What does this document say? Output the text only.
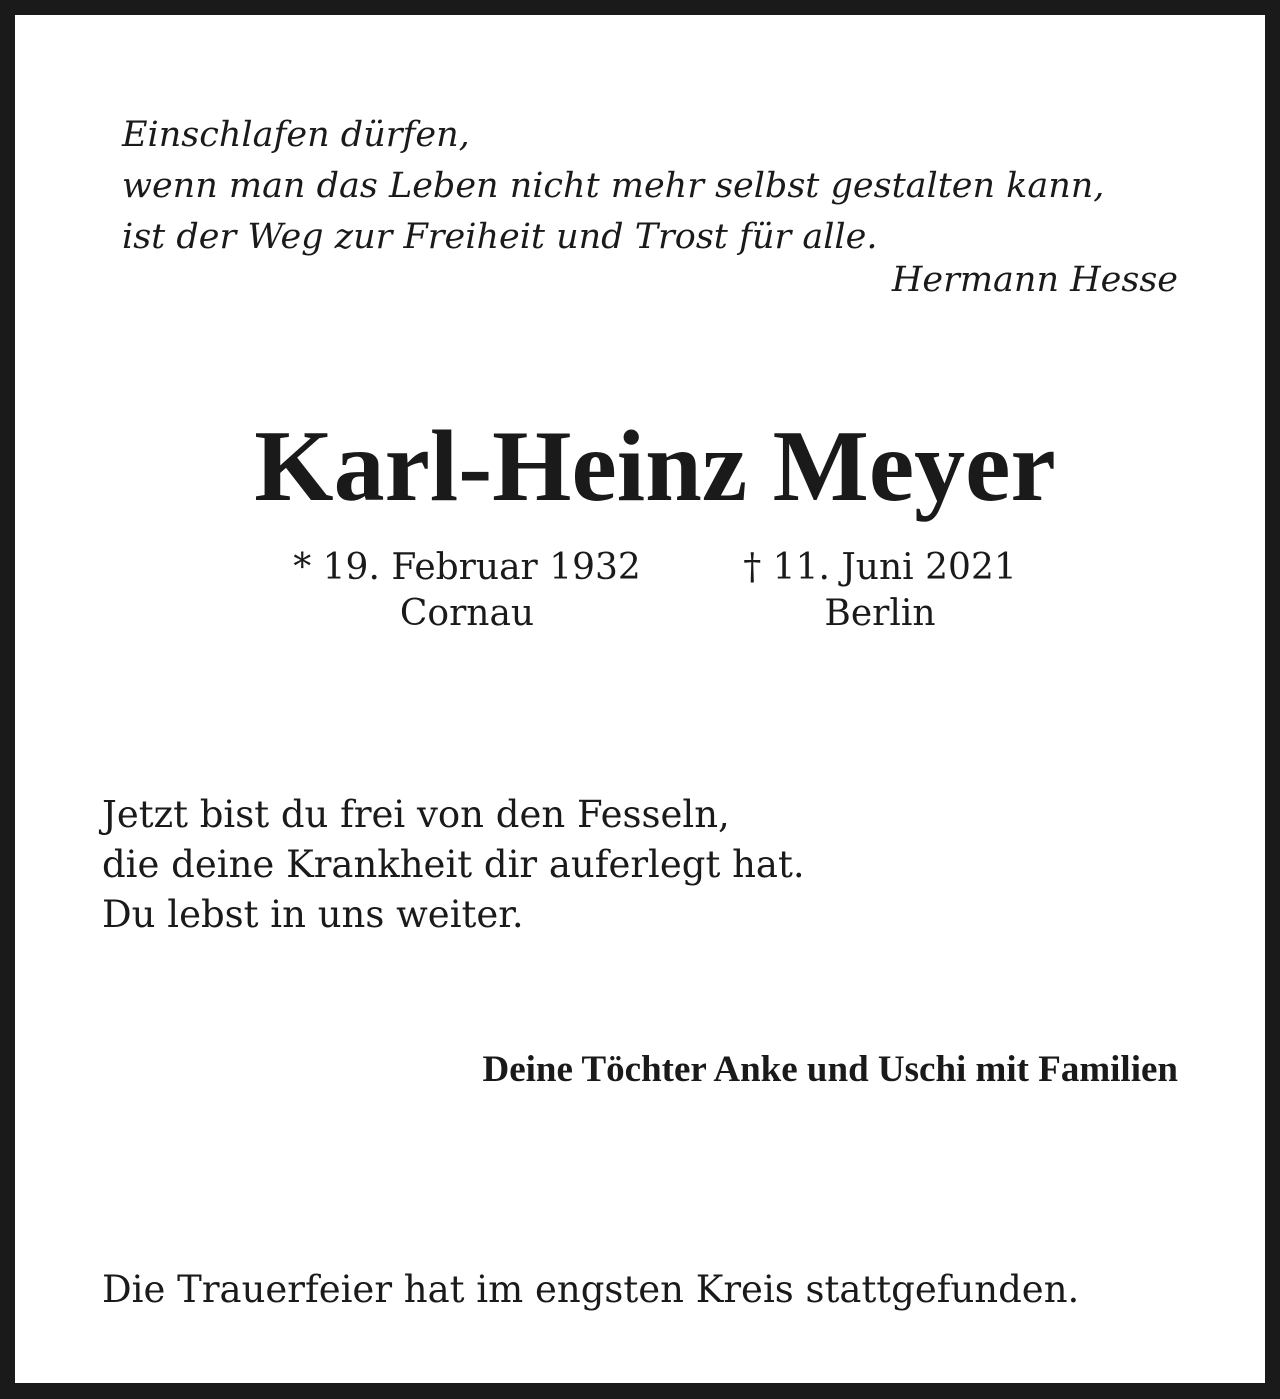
Einschlafen dürfen,
wenn man das Leben nicht mehr selbst gestalten kann,
ist der Weg zur Freiheit und Trost für alle.
Hermann Hesse
Karl-Heinz Meyer
* 19. Februar 1932
Cornau
† 11. Juni 2021
Berlin
Jetzt bist du frei von den Fesseln,
die deine Krankheit dir auferlegt hat.
Du lebst in uns weiter.
Deine Töchter Anke und Uschi mit Familien
Die Trauerfeier hat im engsten Kreis stattgefunden.
